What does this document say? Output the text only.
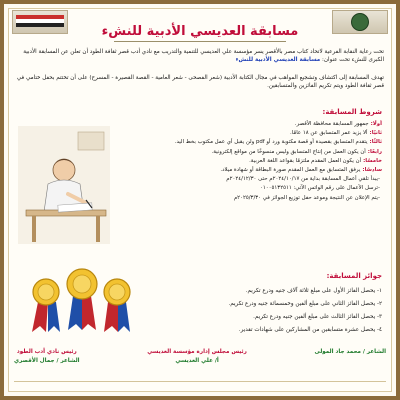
مسابقة العديسي الأدبية للنشء
تحت رعاية النقابة الفرعية لاتحاد كتاب مصر بالأقصر يسر مؤسسة علي العديسي للتنمية والتدريب مع نادي أدب قصر ثقافة الطود أن تعلن عن المسابقة الأدبية الكبرى للنشء تحت عنوان: مسابقة العديسي الأدبية للنشء
تهدف المسابقة إلى اكتشاف وتشجيع المواهب في مجال الكتابة الأدبية (شعر الفصحى - شعر العامية - القصة القصيرة - المسرح) على أن تختتم بحفل ختامي في قصر ثقافة الطود ويتم تكريم الفائزين والمتسابقين.
شروط المسابقة:
أولًا:جمهور المسابقة محافظة الأقصر.
ثانيًا:ألا يزيد عمر المتسابق عن ١٨ عامًا.
ثالثًا:يتقدم المتسابق بقصيدة أو قصة مكتوبة ورد أو pdf ولن يقبل أي عمل مكتوب بخط اليد.
رابعًا:أن يكون العمل من إنتاج المتسابق وليس منسوخًا من مواقع إلكترونية.
خامسًا:أن يكون العمل المقدم ملتزمًا بقواعد اللغة العربية.
سادسًا:يرفق المتسابق مع العمل المقدم صورة البطاقة أو شهادة ميلاد.
-يبدأ تلقي أعمال المسابقة بداية من ٢٠٢٤/١٠/١٧م حتى ٢٠٢٤/١٢/٣٠م
-ترسل الأعمال على رقم الواتس الآتي: ٠١٠٠٥١٣٢٥١١
-يتم الإعلان عن النتيجة وموعد حفل توزيع الجوائز في ٢٠٢٥/٣/٣٠م
جوائز المسابقة:
١- يحصل الفائز الأول على مبلغ ثلاثة آلاف جنيه ودرع تكريم.
٢- يحصل الفائز الثاني على مبلغ ألفين وخمسمائة جنيه ودرع تكريم.
٣- يحصل الفائز الثالث على مبلغ ألفين جنيه ودرع تكريم.
٤- يحصل عشرة متسابقين من المشاركين على شهادات تقدير.
رئيس نادي أدب الطود
الشاعر / جمال الأقصري
رئيس مجلس إدارة مؤسسة العديسي
أ/ علي العديسي
الشاعر / محمد جاد المولى
